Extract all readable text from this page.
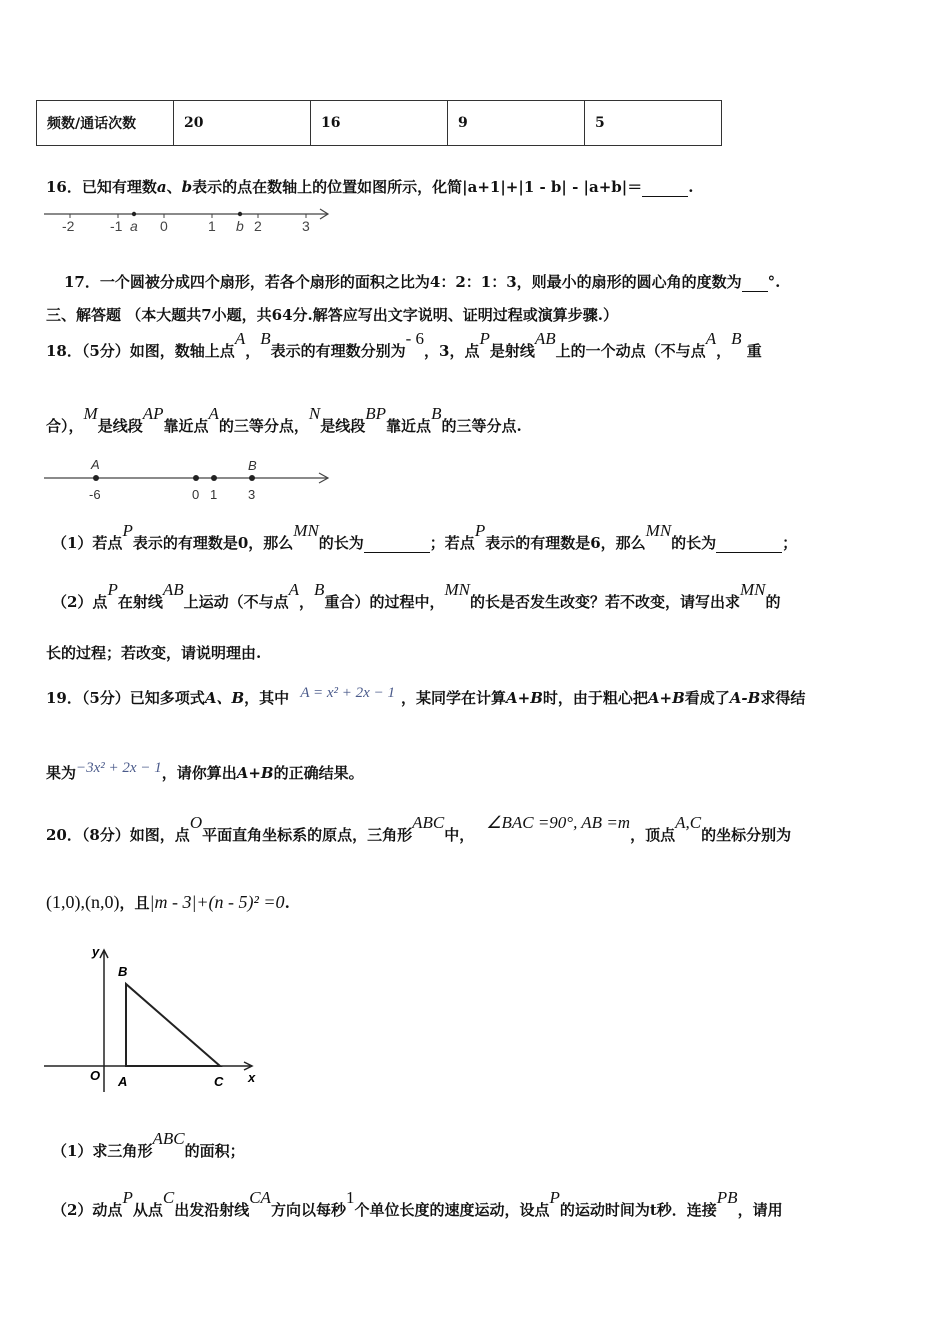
频数/通话次数	20	16	9	5
16．已知有理数a、b表示的点在数轴上的位置如图所示，化简|a+1|+|1 - b| - |a+b|＝	.
-2	-1 a 0	1 b 2	3
17．一个圆被分成四个扇形，若各个扇形的面积之比为4：2：1：3，则最小的扇形的圆心角的度数为 °.
三、解答题 （本大题共7小题，共64分.解答应写出文字说明、证明过程或演算步骤.）
18．（5分）如图，数轴上点A，B表示的有理数分别为- 6，3，点P是射线AB上的一个动点（不与点A，B 重
合），M是线段AP靠近点A的三等分点，N是线段BP靠近点B的三等分点.
A	B
-6	0 1 3
（1）若点P表示的有理数是0，那么MN的长为	；若点P表示的有理数是6，那么MN的长为	；
（2）点P在射线AB上运动（不与点A，B重合）的过程中，MN的长是否发生改变？若不改变，请写出求MN的
长的过程；若改变，请说明理由.
19．（5分）已知多项式A、B，其中 A = x² + 2x − 1 ，某同学在计算A+B时，由于粗心把A+B看成了A-B求得结
果为−3x² + 2x − 1，请你算出A+B的正确结果。
20．（8分）如图，点O平面直角坐标系的原点，三角形ABC中，∠BAC =90°, AB =m，顶点A,C的坐标分别为
(1,0),(n,0)，且|m - 3|+(n - 5)² =0.
y
x
O A
B
C
（1）求三角形ABC的面积；
（2）动点P从点C出发沿射线CA方向以每秒1个单位长度的速度运动，设点P的运动时间为t秒．连接PB，请用
